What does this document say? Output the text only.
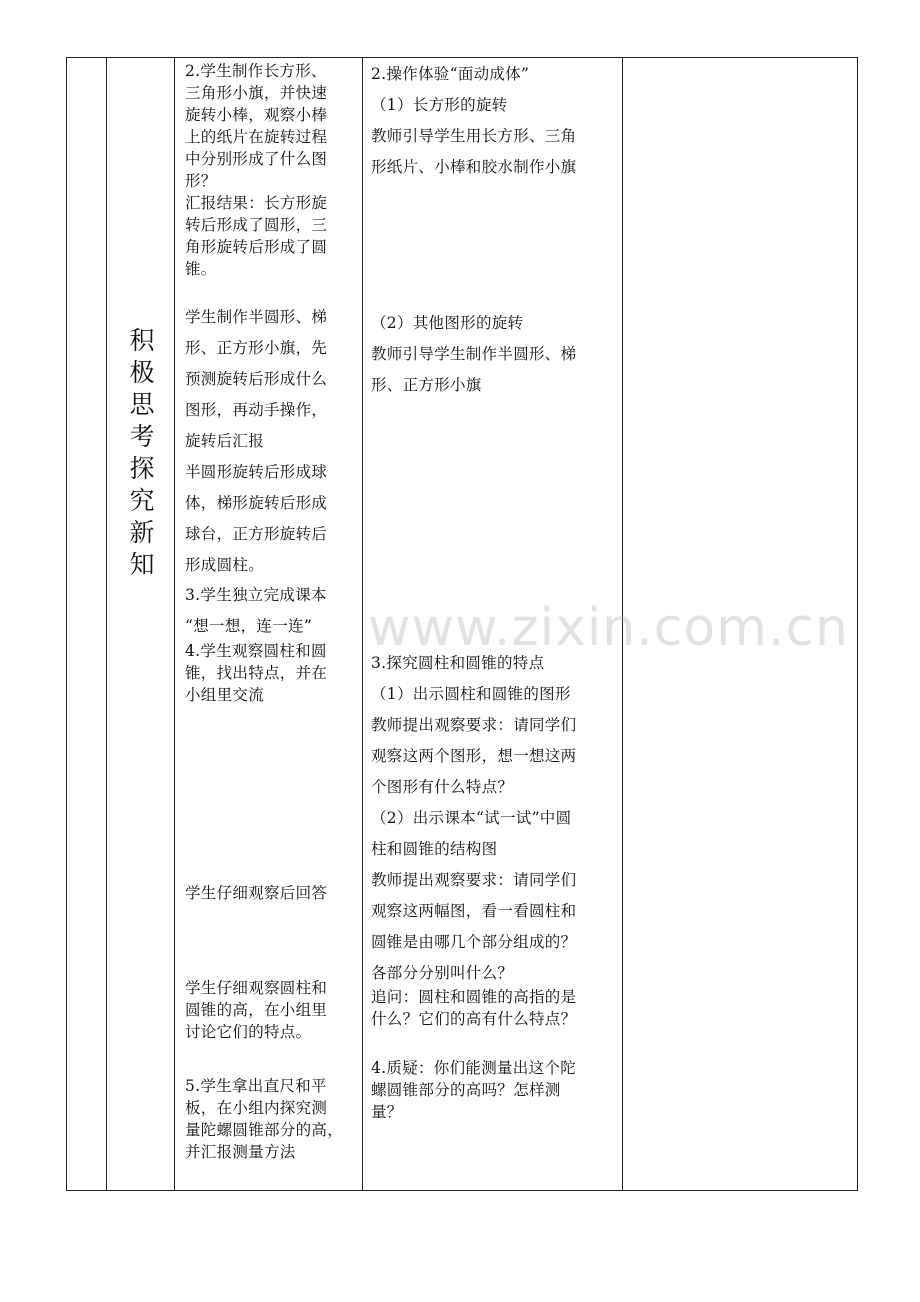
积
极
思
考
探
究
新
知
2.学生制作长方形、
三角形小旗，并快速
旋转小棒，观察小棒
上的纸片在旋转过程
中分别形成了什么图
形？
汇报结果：长方形旋
转后形成了圆形，三
角形旋转后形成了圆
锥。
学生制作半圆形、梯
形、正方形小旗，先
预测旋转后形成什么
图形，再动手操作，
旋转后汇报
半圆形旋转后形成球
体，梯形旋转后形成
球台，正方形旋转后
形成圆柱。
3.学生独立完成课本
“想一想，连一连”
4.学生观察圆柱和圆
锥，找出特点，并在
小组里交流
学生仔细观察后回答
学生仔细观察圆柱和
圆锥的高，在小组里
讨论它们的特点。
5.学生拿出直尺和平
板，在小组内探究测
量陀螺圆锥部分的高，
并汇报测量方法
2.操作体验“面动成体”
（1）长方形的旋转
教师引导学生用长方形、三角
形纸片、小棒和胶水制作小旗
（2）其他图形的旋转
教师引导学生制作半圆形、梯
形、正方形小旗
3.探究圆柱和圆锥的特点
（1）出示圆柱和圆锥的图形
教师提出观察要求：请同学们
观察这两个图形，想一想这两
个图形有什么特点？
（2）出示课本“试一试”中圆
柱和圆锥的结构图
教师提出观察要求：请同学们
观察这两幅图，看一看圆柱和
圆锥是由哪几个部分组成的？
各部分分别叫什么？
追问：圆柱和圆锥的高指的是
什么？它们的高有什么特点？
4.质疑：你们能测量出这个陀
螺圆锥部分的高吗？怎样测
量？
www.zixin.com.cn
